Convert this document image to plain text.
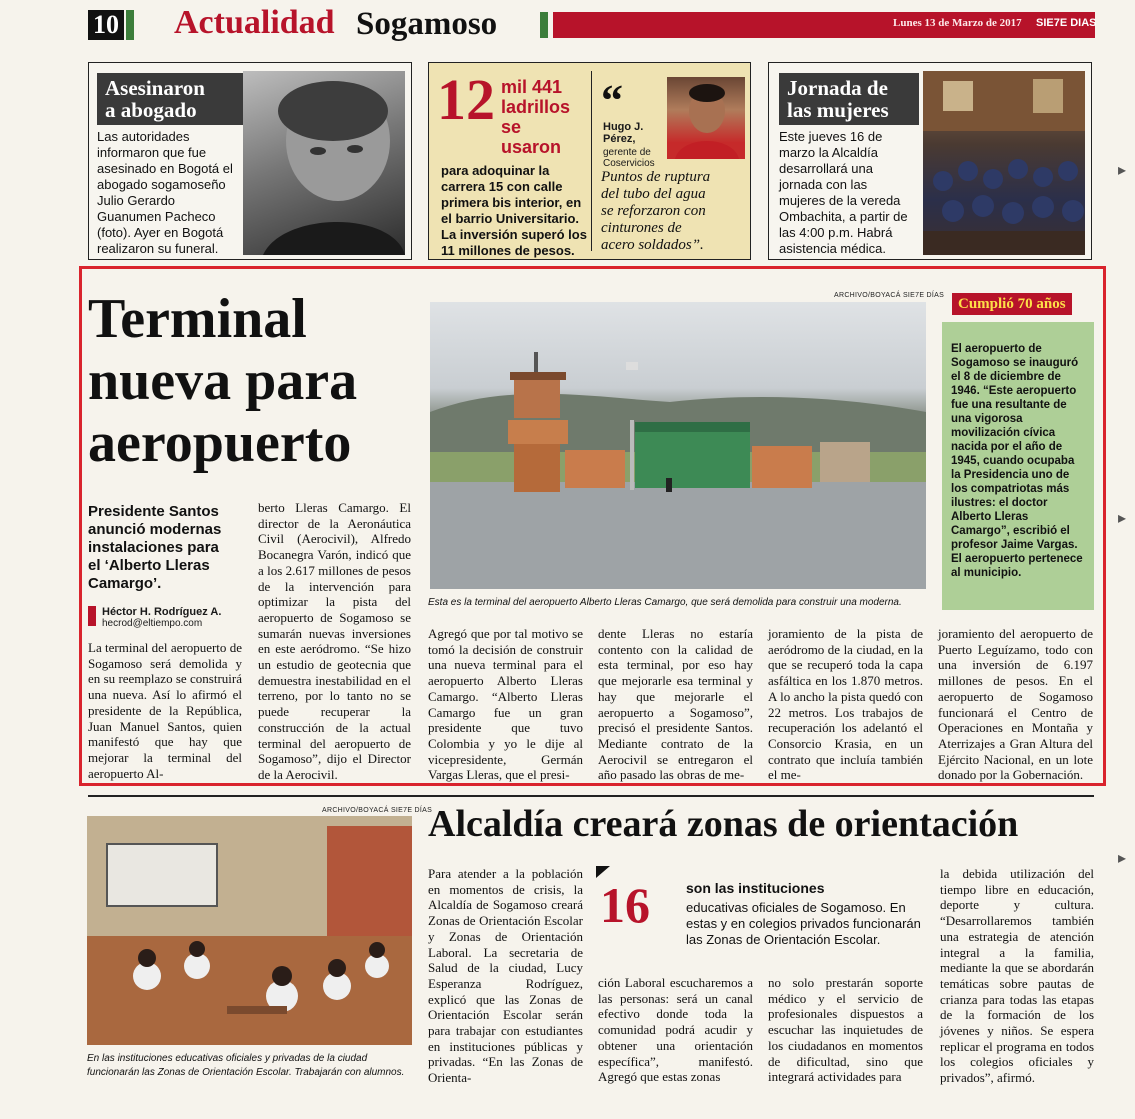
10 Actualidad Sogamoso	Lunes 13 de Marzo de 2017 SIE7E DIAS
Asesinaron
a abogado
Las autoridades
informaron que fue
asesinado en Bogotá el
abogado sogamoseño
Julio Gerardo
Guanumen Pacheco
(foto). Ayer en Bogotá
realizaron su funeral.
12 mil 441
ladrillos
se
usaron
para adoquinar la
carrera 15 con calle
primera bis interior, en
el barrio Universitario.
La inversión superó los
11 millones de pesos.
“
Hugo J.
Pérez,
gerente de
Coservicios
Puntos de ruptura
del tubo del agua
se reforzaron con
cinturones de
acero soldados”.
Jornada de
las mujeres
Este jueves 16 de
marzo la Alcaldía
desarrollará una
jornada con las
mujeres de la vereda
Ombachita, a partir de
las 4:00 p.m. Habrá
asistencia médica.
Terminal
nueva para
aeropuerto
Presidente Santos
anunció modernas
instalaciones para
el ‘Alberto Lleras
Camargo’.
Héctor H. Rodríguez A.
hecrod@eltiempo.com
La terminal del aeropuerto de Sogamoso será demolida y en su reemplazo se construirá una nueva. Así lo afirmó el presidente de la República, Juan Manuel Santos, quien manifestó que hay que mejorar la terminal del aeropuerto Al-
berto Lleras Camargo. El director de la Aeronáutica Civil (Aerocivil), Alfredo Bocanegra Varón, indicó que a los 2.617 millones de pesos de la intervención para optimizar la pista del aeropuerto de Sogamoso se sumarán nuevas inversiones en este aeródromo. “Se hizo un estudio de geotecnia que demuestra inestabilidad en el terreno, por lo tanto no se puede recuperar la construcción de la actual terminal del aeropuerto de Sogamoso”, dijo el Director de la Aerocivil.
ARCHIVO/BOYACÁ SIE7E DÍAS
Esta es la terminal del aeropuerto Alberto Lleras Camargo, que será demolida para construir una moderna.
Agregó que por tal motivo se tomó la decisión de construir una nueva terminal para el aeropuerto Alberto Lleras Camargo. “Alberto Lleras Camargo fue un gran presidente que tuvo Colombia y yo le dije al vicepresidente, Germán Vargas Lleras, que el presi-
dente Lleras no estaría contento con la calidad de esta terminal, por eso hay que mejorarle esa terminal y hay que mejorarle el aeropuerto a Sogamoso”, precisó el presidente Santos. Mediante contrato de la Aerocivil se entregaron el año pasado las obras de me-
joramiento de la pista de aeródromo de la ciudad, en la que se recuperó toda la capa asfáltica en los 1.870 metros. A lo ancho la pista quedó con 22 metros. Los trabajos de recuperación los adelantó el Consorcio Krasia, en un contrato que incluía también el me-
joramiento del aeropuerto de Puerto Leguízamo, todo con una inversión de 6.197 millones de pesos. En el aeropuerto de Sogamoso funcionará el Centro de Operaciones en Montaña y Aterrizajes a Gran Altura del Ejército Nacional, en un lote donado por la Gobernación.
Cumplió 70 años
El aeropuerto de
Sogamoso se inauguró
el 8 de diciembre de
1946. “Este aeropuerto
fue una resultante de
una vigorosa
movilización cívica
nacida por el año de
1945, cuando ocupaba
la Presidencia uno de
los compatriotas más
ilustres: el doctor
Alberto Lleras
Camargo”, escribió el
profesor Jaime Vargas.
El aeropuerto pertenece
al municipio.
ARCHIVO/BOYACÁ SIE7E DÍAS
En las instituciones educativas oficiales y privadas de la ciudad
funcionarán las Zonas de Orientación Escolar. Trabajarán con alumnos.
Alcaldía creará zonas de orientación
Para atender a la población en momentos de crisis, la Alcaldía de Sogamoso creará Zonas de Orientación Escolar y Zonas de Orientación Laboral. La secretaria de Salud de la ciudad, Lucy Esperanza Rodríguez, explicó que las Zonas de Orientación Escolar serán para trabajar con estudiantes en instituciones públicas y privadas. “En las Zonas de Orienta-
16	son las instituciones
educativas oficiales de Sogamoso. En
estas y en colegios privados funcionarán
las Zonas de Orientación Escolar.
ción Laboral escucharemos a las personas: será un canal efectivo donde toda la comunidad podrá acudir y obtener una orientación específica”, manifestó. Agregó que estas zonas
no solo prestarán soporte médico y el servicio de profesionales dispuestos a escuchar las inquietudes de los ciudadanos en momentos de dificultad, sino que integrará actividades para
la debida utilización del tiempo libre en educación, deporte y cultura. “Desarrollaremos también una estrategia de atención integral a la familia, mediante la que se abordarán temáticas sobre pautas de crianza para todas las etapas de la formación de los jóvenes y niños. Se espera replicar el programa en todos los colegios oficiales y privados”, afirmó.
▸
▸
▸
